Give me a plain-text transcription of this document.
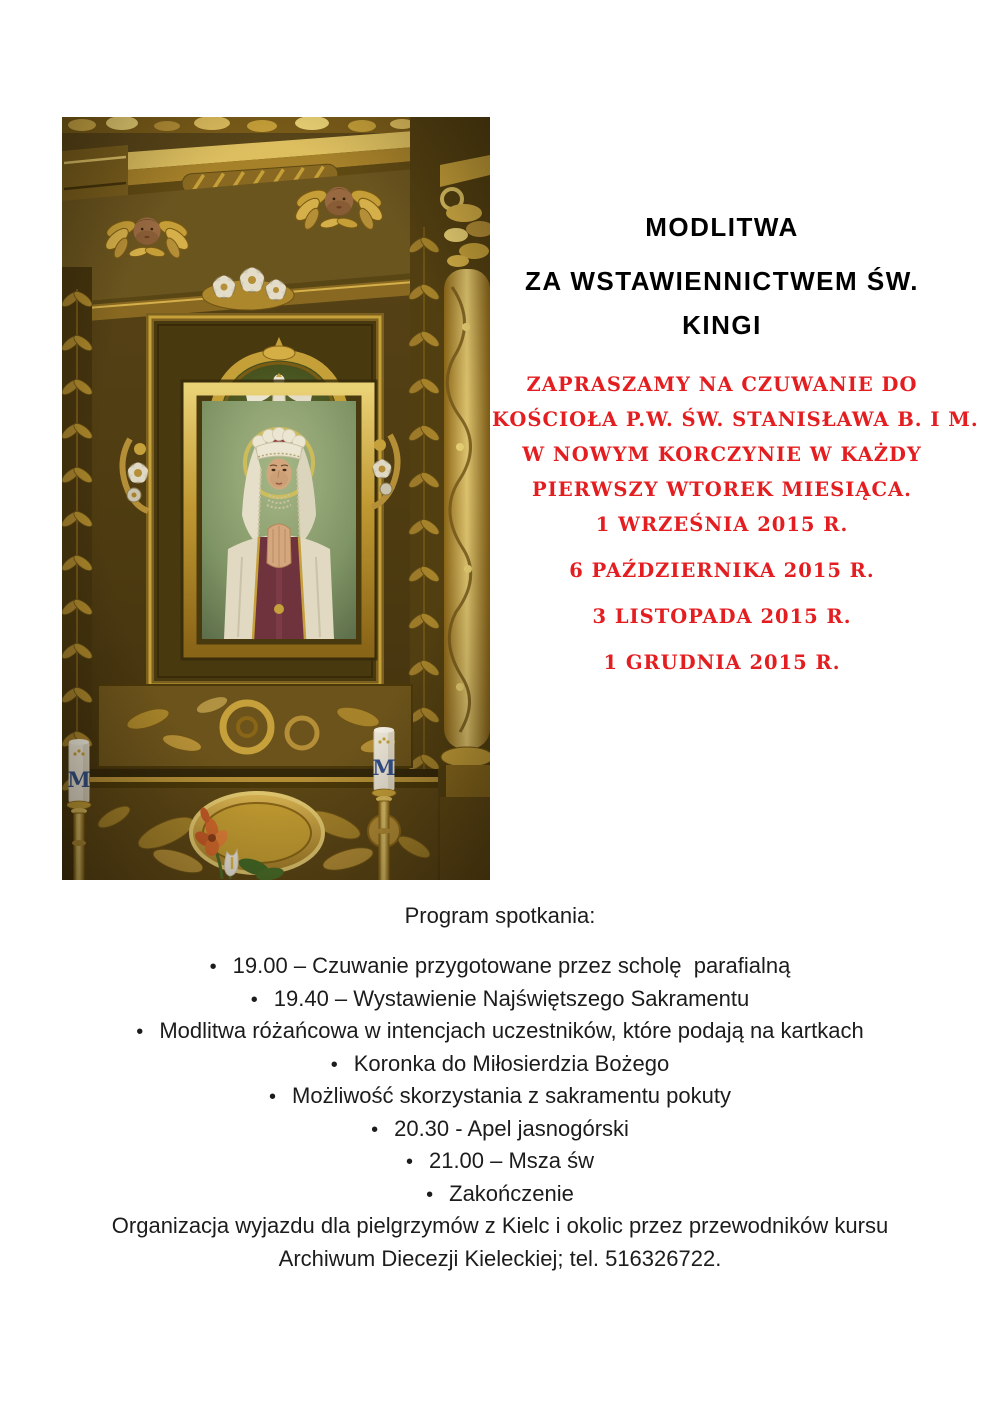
MODLITWA
ZA WSTAWIENNICTWEM ŚW.
KINGI
ZAPRASZAMY NA CZUWANIE DO
KOŚCIOŁA P.W. ŚW. STANISŁAWA B. I M.
W NOWYM KORCZYNIE W KAŻDY
PIERWSZY WTOREK MIESIĄCA.
1 WRZEŚNIA 2015 R.
6 PAŹDZIERNIKA 2015 R.
3 LISTOPADA 2015 R.
1 GRUDNIA 2015 R.
Program spotkania:
• 19.00 – Czuwanie przygotowane przez scholę  parafialną
• 19.40 – Wystawienie Najświętszego Sakramentu
• Modlitwa różańcowa w intencjach uczestników, które podają na kartkach
• Koronka do Miłosierdzia Bożego
• Możliwość skorzystania z sakramentu pokuty
• 20.30 - Apel jasnogórski
• 21.00 – Msza św
• Zakończenie
Organizacja wyjazdu dla pielgrzymów z Kielc i okolic przez przewodników kursu
Archiwum Diecezji Kieleckiej; tel. 516326722.
